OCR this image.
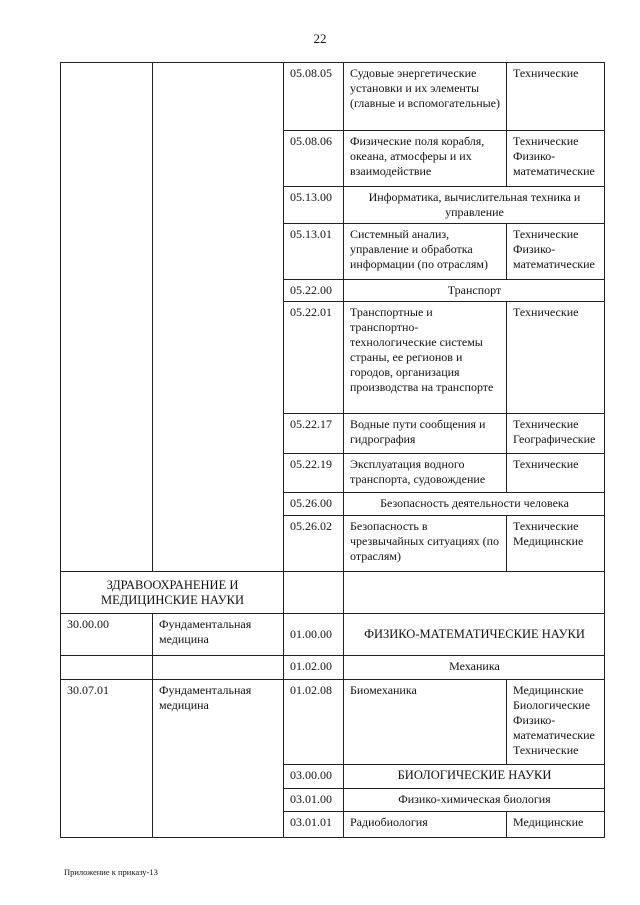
22
		05.08.05	Судовые энергетические установки и их элементы (главные и вспомогательные)	Технические
		05.08.06	Физические поля корабля, океана, атмосферы и их взаимодействие	Технические Физико-математические
		05.13.00	Информатика, вычислительная техника и управление	
		05.13.01	Системный анализ, управление и обработка информации (по отраслям)	Технические Физико-математические
		05.22.00	Транспорт	
		05.22.01	Транспортные и транспортно-технологические системы страны, ее регионов и городов, организация производства на транспорте	Технические
		05.22.17	Водные пути сообщения и гидрография	Технические Географические
		05.22.19	Эксплуатация водного транспорта, судовождение	Технические
		05.26.00	Безопасность деятельности человека	
		05.26.02	Безопасность в чрезвычайных ситуациях (по отраслям)	Технические Медицинские
ЗДРАВООХРАНЕНИЕ И МЕДИЦИНСКИЕ НАУКИ				
30.00.00	Фундаментальная медицина	01.00.00	ФИЗИКО-МАТЕМАТИЧЕСКИЕ НАУКИ	
		01.02.00	Механика	
30.07.01	Фундаментальная медицина	01.02.08	Биомеханика	Медицинские Биологические Физико-математические Технические
		03.00.00	БИОЛОГИЧЕСКИЕ НАУКИ	
		03.01.00	Физико-химическая биология	
		03.01.01	Радиобиология	Медицинские
Приложение к приказу-13
